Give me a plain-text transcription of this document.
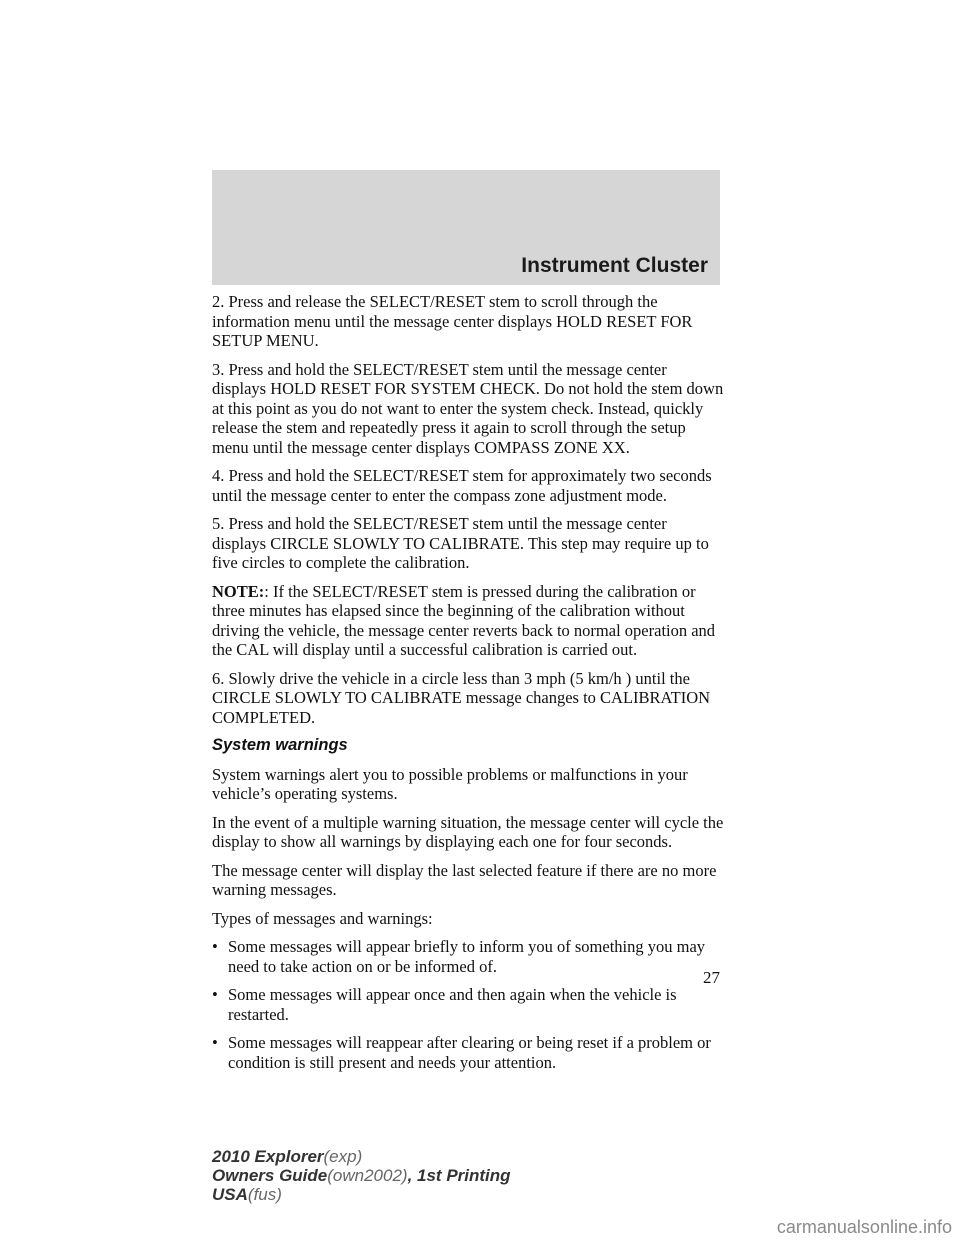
Instrument Cluster

2. Press and release the SELECT/RESET stem to scroll through the information menu until the message center displays HOLD RESET FOR SETUP MENU.

3. Press and hold the SELECT/RESET stem until the message center displays HOLD RESET FOR SYSTEM CHECK. Do not hold the stem down at this point as you do not want to enter the system check. Instead, quickly release the stem and repeatedly press it again to scroll through the setup menu until the message center displays COMPASS ZONE XX.

4. Press and hold the SELECT/RESET stem for approximately two seconds until the message center to enter the compass zone adjustment mode.

5. Press and hold the SELECT/RESET stem until the message center displays CIRCLE SLOWLY TO CALIBRATE. This step may require up to five circles to complete the calibration.

NOTE:: If the SELECT/RESET stem is pressed during the calibration or three minutes has elapsed since the beginning of the calibration without driving the vehicle, the message center reverts back to normal operation and the CAL will display until a successful calibration is carried out.

6. Slowly drive the vehicle in a circle less than 3 mph (5 km/h ) until the CIRCLE SLOWLY TO CALIBRATE message changes to CALIBRATION COMPLETED.

System warnings

System warnings alert you to possible problems or malfunctions in your vehicle’s operating systems.

In the event of a multiple warning situation, the message center will cycle the display to show all warnings by displaying each one for four seconds.

The message center will display the last selected feature if there are no more warning messages.

Types of messages and warnings:

• Some messages will appear briefly to inform you of something you may need to take action on or be informed of.
• Some messages will appear once and then again when the vehicle is restarted.
• Some messages will reappear after clearing or being reset if a problem or condition is still present and needs your attention.
27
2010 Explorer(exp)
Owners Guide(own2002), 1st Printing
USA(fus)
carmanualsonline.info
